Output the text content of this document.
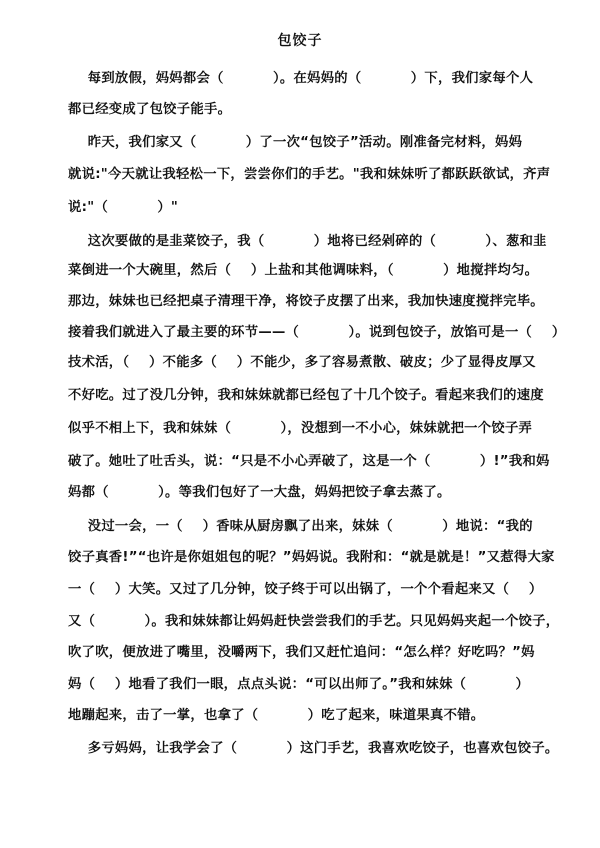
包饺子
每到放假，妈妈都会（          ）。在妈妈的（          ）下，我们家每个人
都已经变成了包饺子能手。
昨天，我们家又（          ）了一次“包饺子”活动。刚准备完材料，妈妈
就说:"今天就让我轻松一下，尝尝你们的手艺。"我和妹妹听了都跃跃欲试，齐声
说:"（          ）"
这次要做的是韭菜饺子，我（          ）地将已经剁碎的（          ）、葱和韭
菜倒进一个大碗里，然后（    ）上盐和其他调味料，（          ）地搅拌均匀。
那边，妹妹也已经把桌子清理干净，将饺子皮摆了出来，我加快速度搅拌完毕。
接着我们就进入了最主要的环节——（          ）。说到包饺子，放馅可是一（    ）
技术活，（    ）不能多（    ）不能少，多了容易煮散、破皮；少了显得皮厚又
不好吃。过了没几分钟，我和妹妹就都已经包了十几个饺子。看起来我们的速度
似乎不相上下，我和妹妹（          ），没想到一不小心，妹妹就把一个饺子弄
破了。她吐了吐舌头，说：“只是不小心弄破了，这是一个（          ）!”我和妈
妈都（          ）。等我们包好了一大盘，妈妈把饺子拿去蒸了。
没过一会，一（    ）香味从厨房飘了出来，妹妹（          ）地说：“我的
饺子真香!”“也许是你姐姐包的呢？”妈妈说。我附和：“就是就是！”又惹得大家
一（    ）大笑。又过了几分钟，饺子终于可以出锅了，一个个看起来又（    ）
又（          ）。我和妹妹都让妈妈赶快尝尝我们的手艺。只见妈妈夹起一个饺子，
吹了吹，便放进了嘴里，没嚼两下，我们又赶忙追问：“怎么样？好吃吗？”妈
妈（    ）地看了我们一眼，点点头说：“可以出师了。”我和妹妹（          ）
地蹦起来，击了一掌，也拿了（          ）吃了起来，味道果真不错。
多亏妈妈，让我学会了（          ）这门手艺，我喜欢吃饺子，也喜欢包饺子。
